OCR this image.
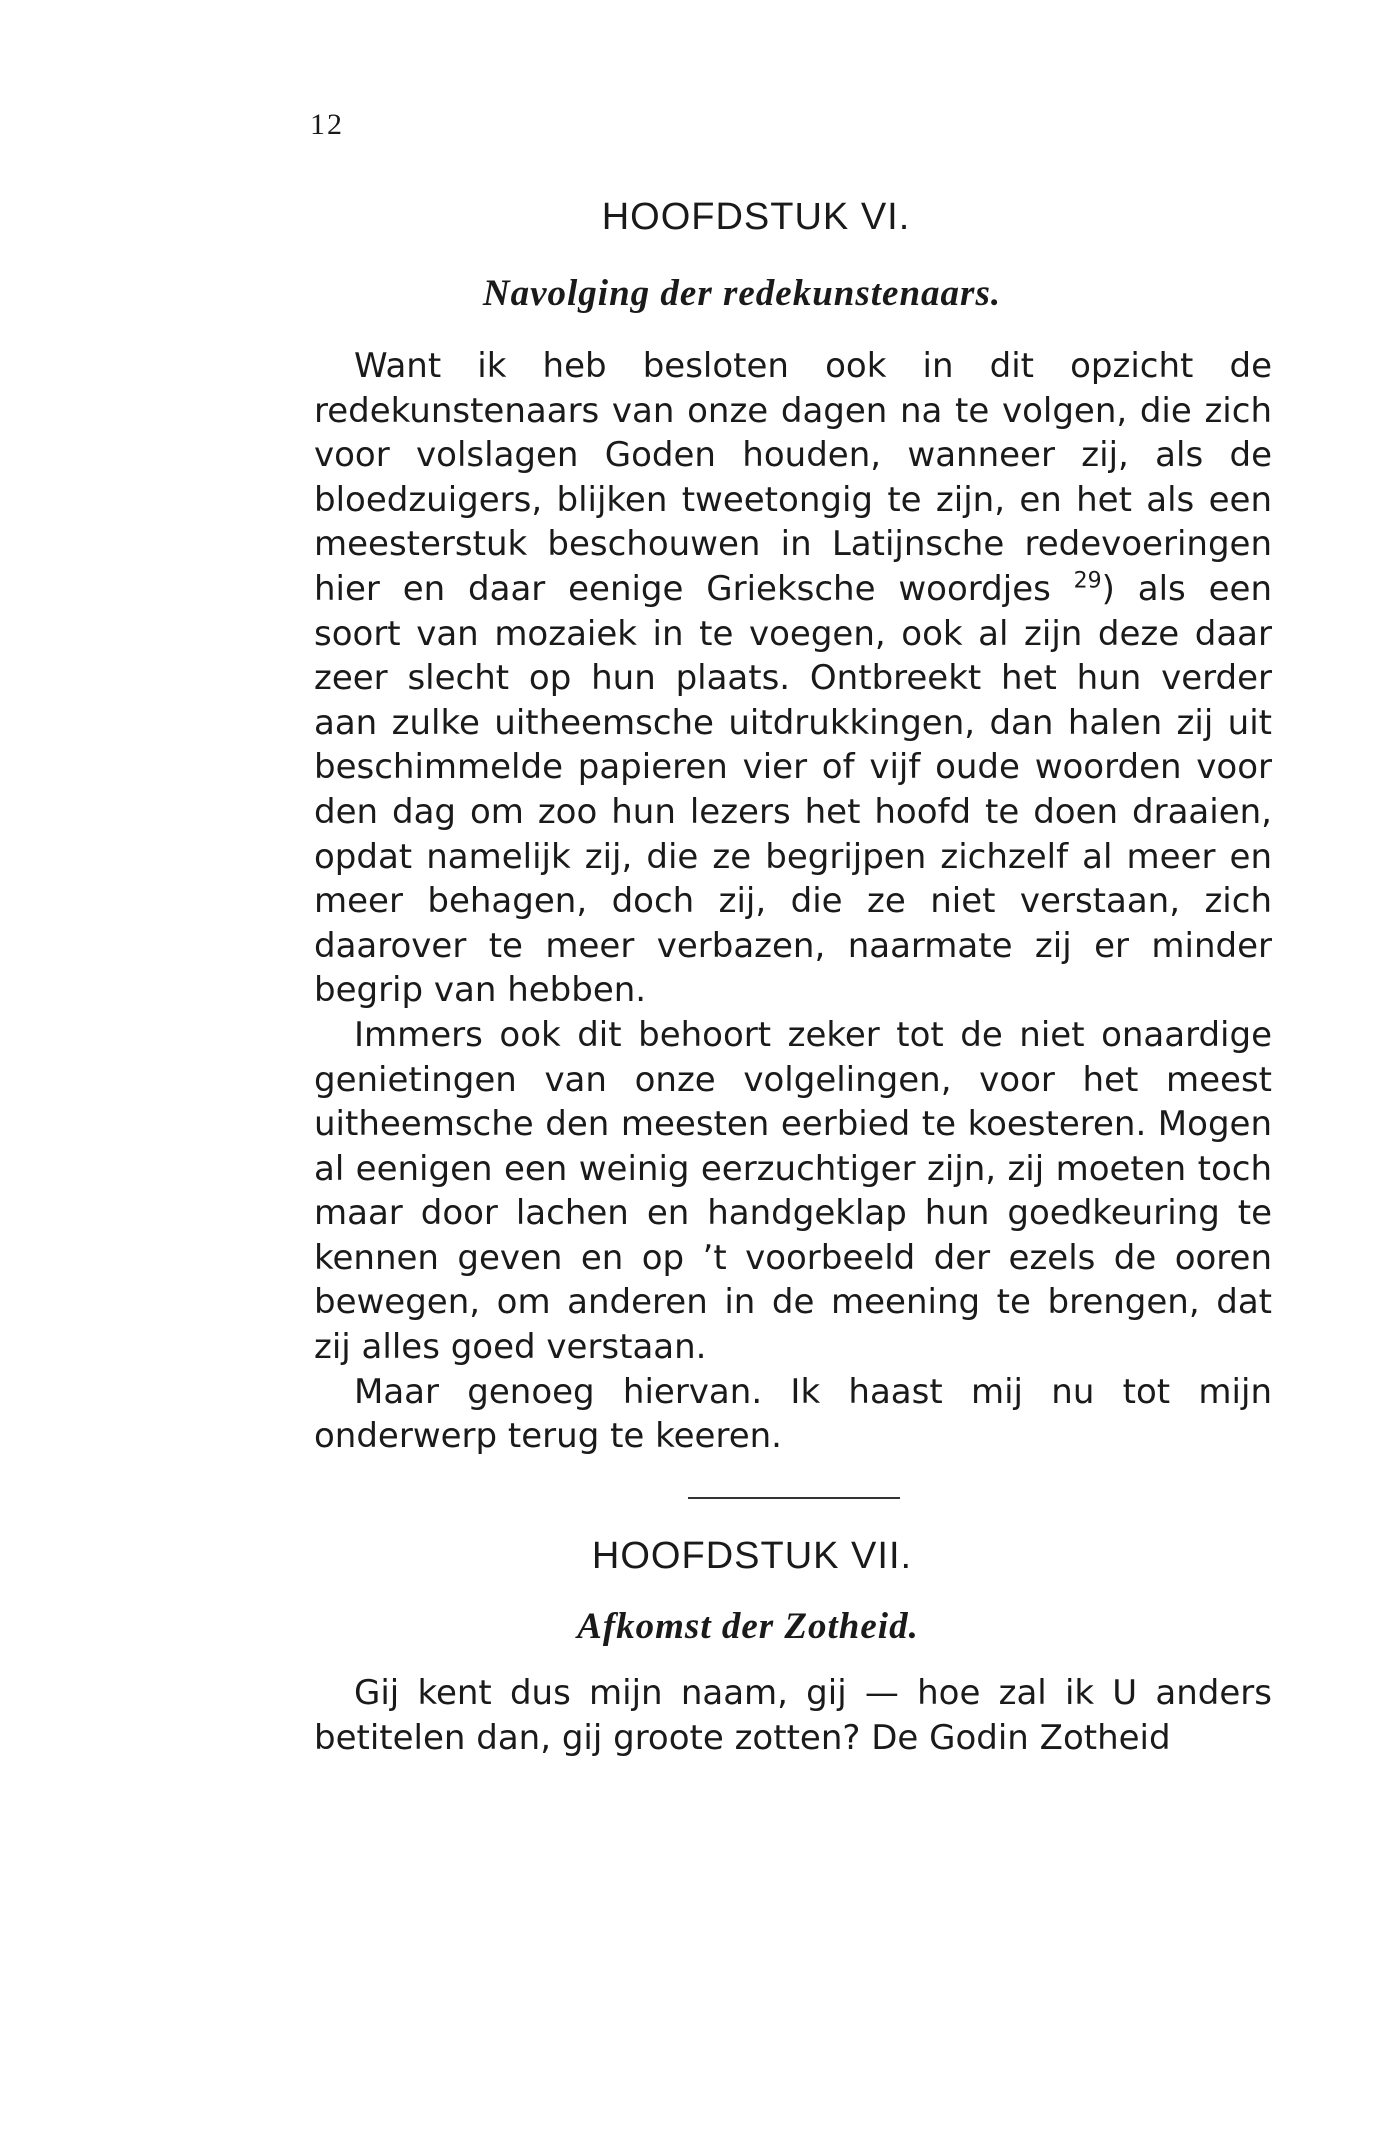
12
HOOFDSTUK VI.
Navolging der redekunstenaars.

Want ik heb besloten ook in dit opzicht de redekunstenaars van onze dagen na te volgen, die zich voor volslagen Goden houden, wanneer zij, als de bloedzuigers, blijken tweetongig te zijn, en het als een meesterstuk beschouwen in Latijnsche redevoeringen hier en daar eenige Grieksche woordjes $^{29}$) als een soort van mozaiek in te voegen, ook al zijn deze daar zeer slecht op hun plaats. Ontbreekt het hun verder aan zulke uitheemsche uitdrukkingen, dan halen zij uit beschimmelde papieren vier of vijf oude woorden voor den dag om zoo hun lezers het hoofd te doen draaien, opdat namelijk zij, die ze begrijpen zichzelf al meer en meer behagen, doch zij, die ze niet verstaan, zich daarover te meer verbazen, naarmate zij er minder begrip van hebben.

Immers ook dit behoort zeker tot de niet onaardige genietingen van onze volgelingen, voor het meest uitheemsche den meesten eerbied te koesteren. Mogen al eenigen een weinig eerzuchtiger zijn, zij moeten toch maar door lachen en handgeklap hun goedkeuring te kennen geven en op ’t voorbeeld der ezels de ooren bewegen, om anderen in de meening te brengen, dat zij alles goed verstaan.

Maar genoeg hiervan. Ik haast mij nu tot mijn onderwerp terug te keeren.

HOOFDSTUK VII.
Afkomst der Zotheid.

Gij kent dus mijn naam, gij — hoe zal ik U anders betitelen dan, gij groote zotten? De Godin Zotheid
